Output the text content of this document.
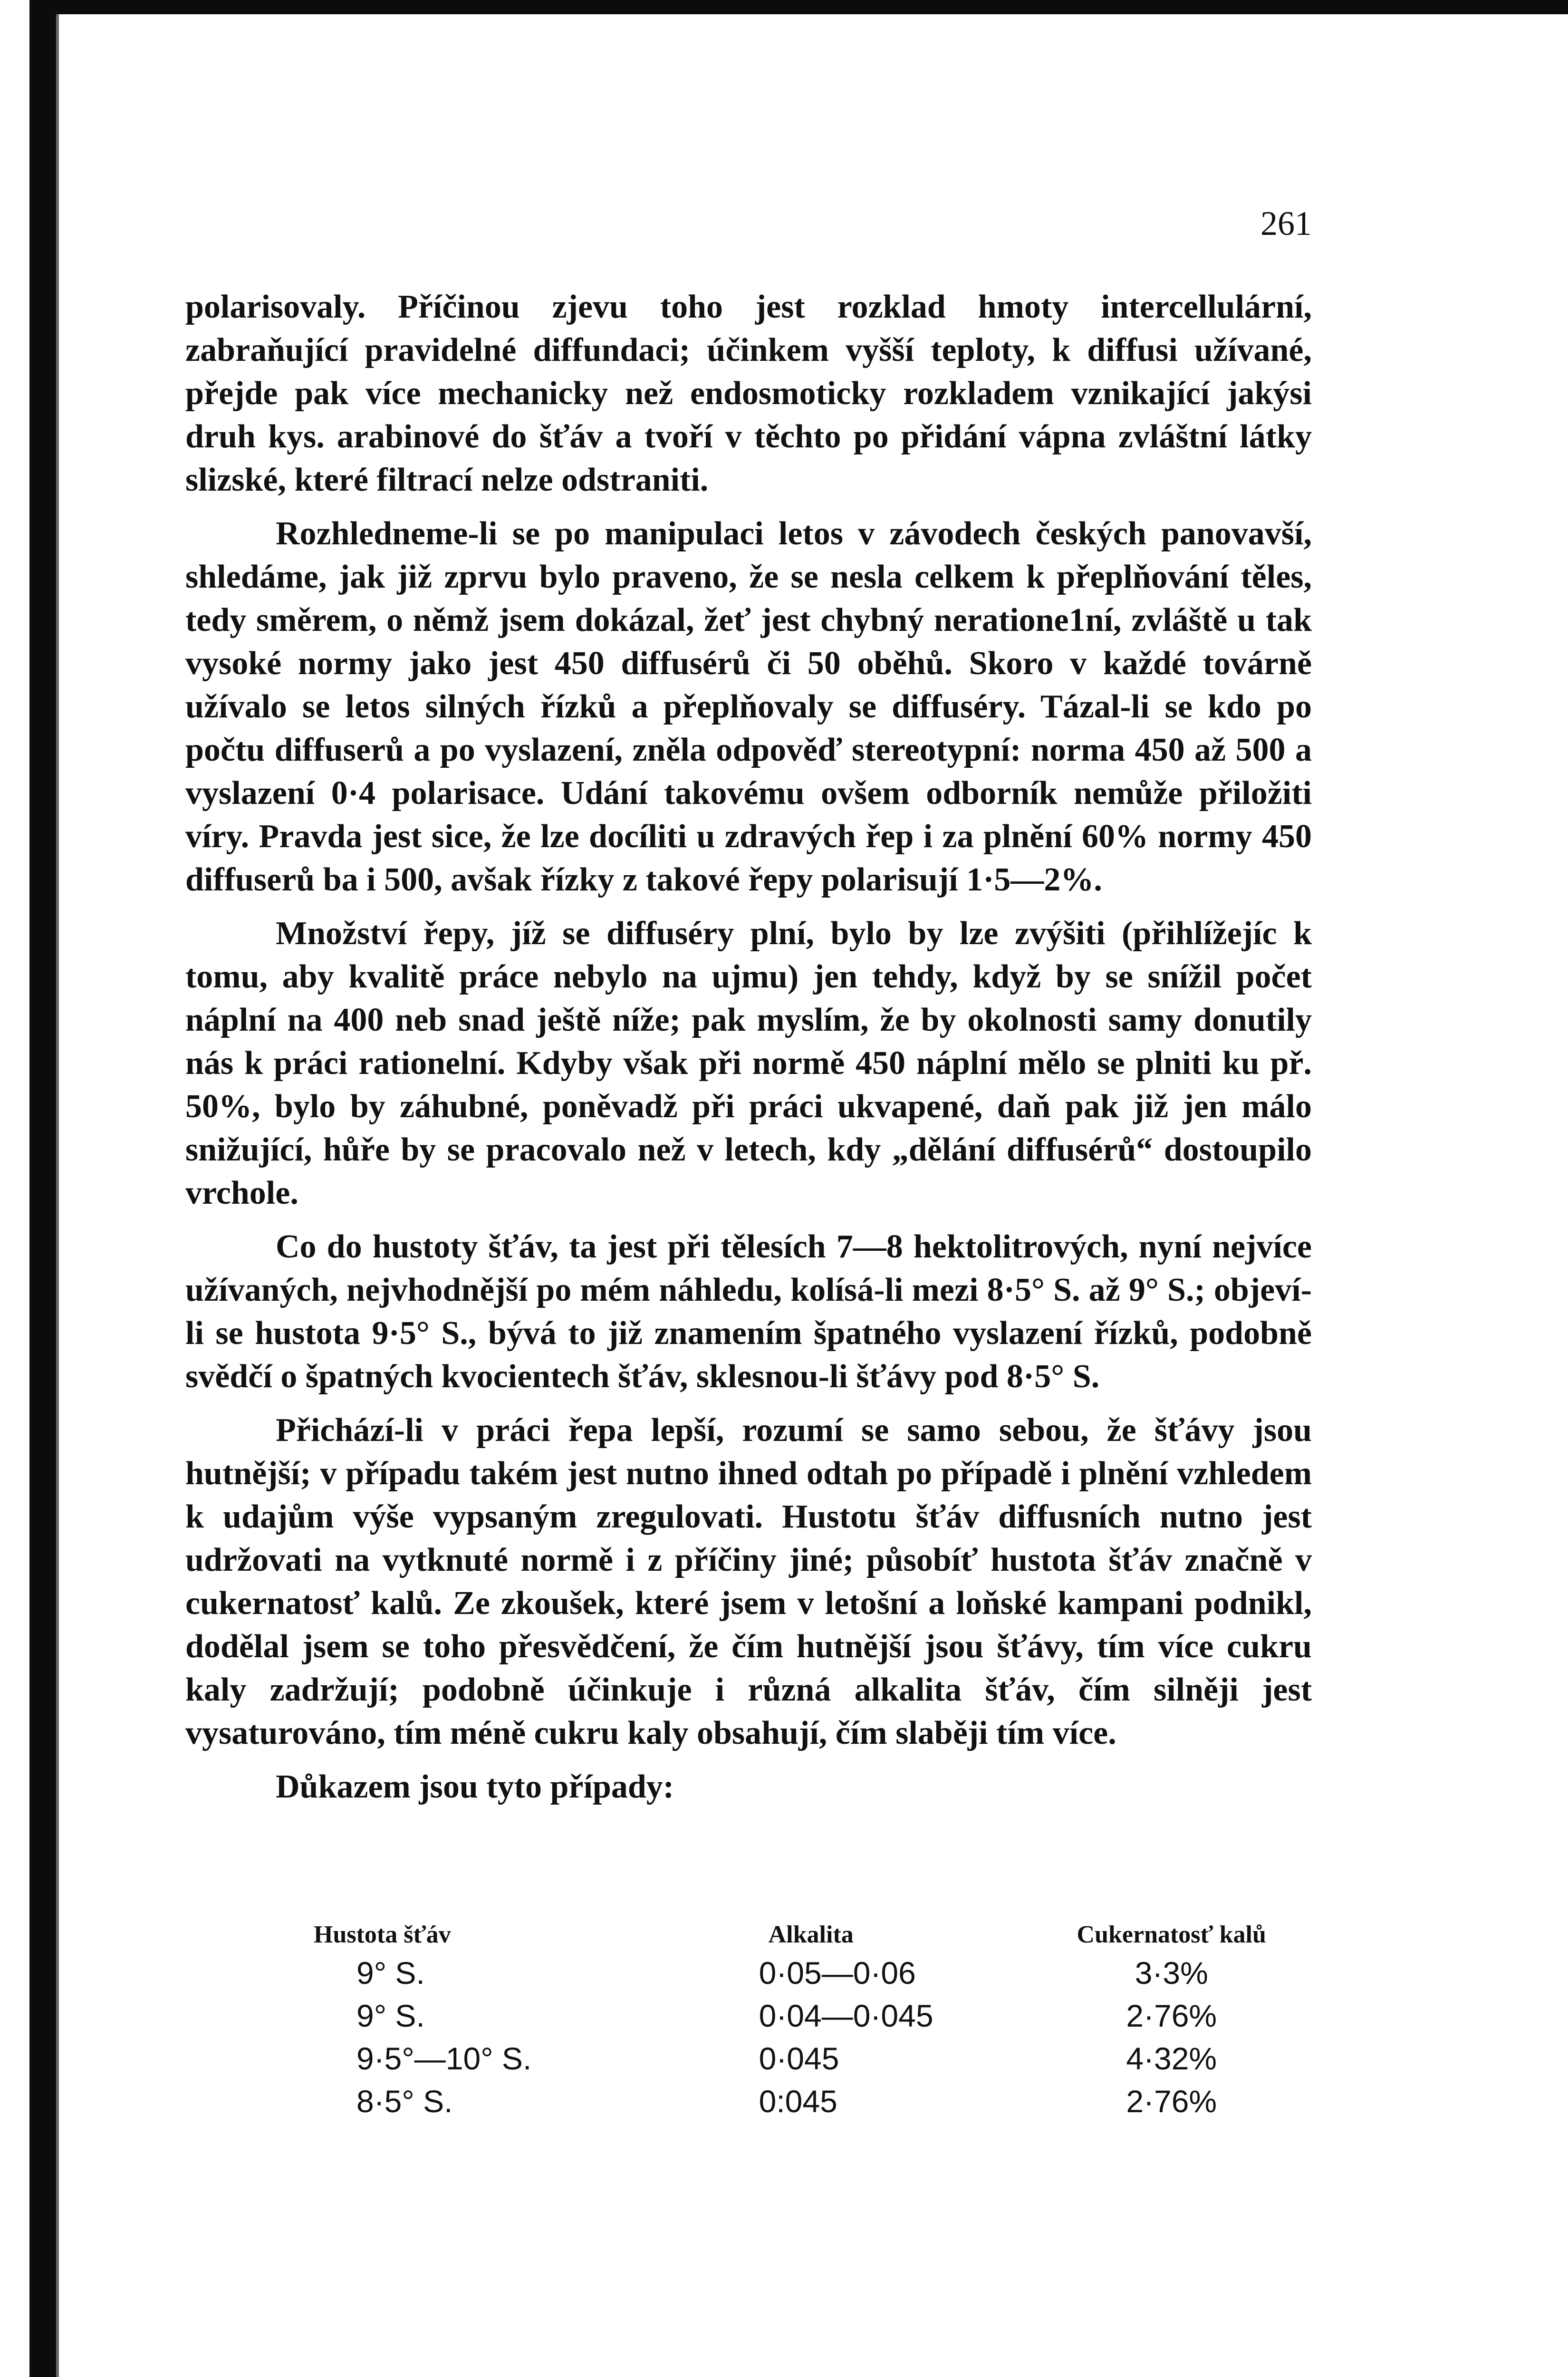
261

polarisovaly. Příčinou zjevu toho jest rozklad hmoty intercellulární, zabraňující pravidelné diffundaci; účinkem vyšší teploty, k diffusi užívané, přejde pak více mechanicky než endosmoticky rozkladem vznikající jakýsi druh kys. arabinové do šťáv a tvoří v těchto po přidání vápna zvláštní látky slizské, které filtrací nelze odstraniti.

Rozhledneme-li se po manipulaci letos v závodech českých panovavší, shledáme, jak již zprvu bylo praveno, že se nesla celkem k přeplňování těles, tedy směrem, o němž jsem dokázal, žeť jest chybný neratione1ní, zvláště u tak vysoké normy jako jest 450 diffusérů či 50 oběhů. Skoro v každé továrně užívalo se letos silných řízků a přeplňovaly se diffuséry. Tázal-li se kdo po počtu diffuserů a po vyslazení, zněla odpověď stereotypní: norma 450 až 500 a vyslazení 0·4 polarisace. Udání takovému ovšem odborník nemůže přiložiti víry. Pravda jest sice, že lze docíliti u zdravých řep i za plnění 60% normy 450 diffuserů ba i 500, avšak řízky z takové řepy polarisují 1·5—2%.

Množství řepy, jíž se diffuséry plní, bylo by lze zvýšiti (přihlížejíc k tomu, aby kvalitě práce nebylo na ujmu) jen tehdy, když by se snížil počet náplní na 400 neb snad ještě níže; pak myslím, že by okolnosti samy donutily nás k práci rationelní. Kdyby však při normě 450 náplní mělo se plniti ku př. 50%, bylo by záhubné, poněvadž při práci ukvapené, daň pak již jen málo snižující, hůře by se pracovalo než v letech, kdy „dělání diffusérů“ dostoupilo vrchole.

Co do hustoty šťáv, ta jest při tělesích 7—8 hektolitrových, nyní nejvíce užívaných, nejvhodnější po mém náhledu, kolísá-li mezi 8·5° S. až 9° S.; objeví-li se hustota 9·5° S., bývá to již znamením špatného vyslazení řízků, podobně svědčí o špatných kvocientech šťáv, sklesnou-li šťávy pod 8·5° S.

Přichází-li v práci řepa lepší, rozumí se samo sebou, že šťávy jsou hutnější; v případu takém jest nutno ihned odtah po případě i plnění vzhledem k udajům výše vypsaným zregulovati. Hustotu šťáv diffusních nutno jest udržovati na vytknuté normě i z příčiny jiné; působíť hustota šťáv značně v cukernatosť kalů. Ze zkoušek, které jsem v letošní a loňské kampani podnikl, dodělal jsem se toho přesvědčení, že čím hutnější jsou šťávy, tím více cukru kaly zadržují; podobně účinkuje i různá alkalita šťáv, čím silněji jest vysaturováno, tím méně cukru kaly obsahují, čím slaběji tím více.

Důkazem jsou tyto případy:

Hustota šťáv	Alkalita	Cukernatosť kalů
9° S.	0·05—0·06	3·3%
9° S.	0·04—0·045	2·76%
9·5°—10° S.	0·045	4·32%
8·5° S.	0:045	2·76%
